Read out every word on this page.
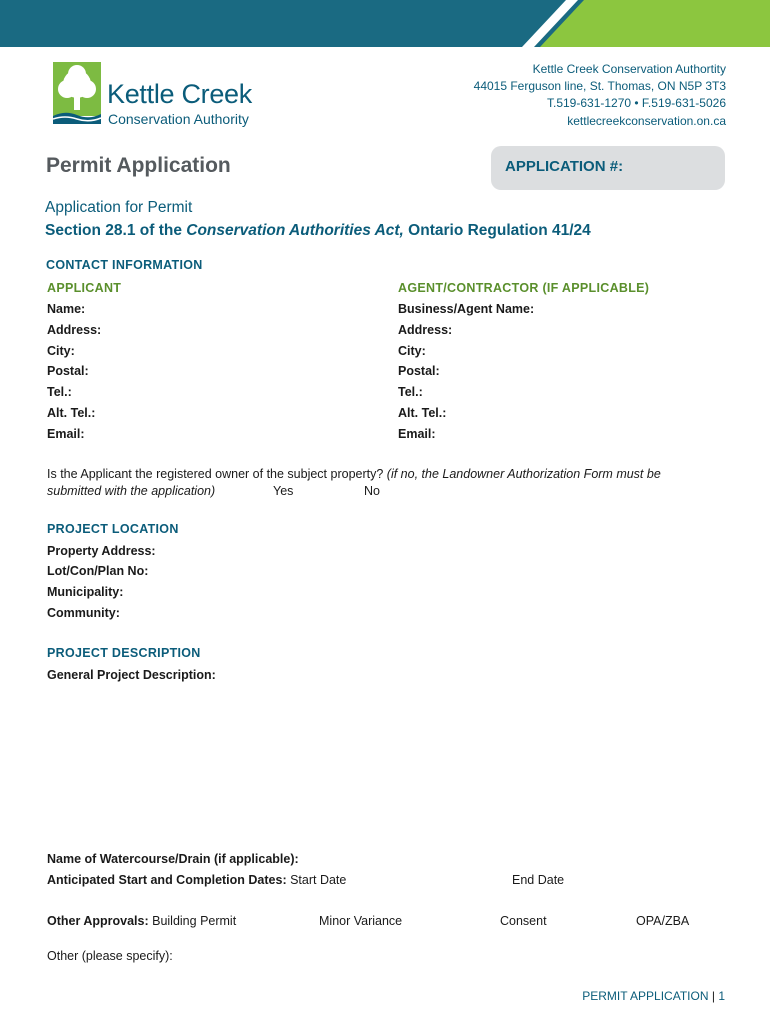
Kettle Creek
Conservation Authority
Kettle Creek Conservation Authortity
44015 Ferguson line, St. Thomas, ON N5P 3T3
T.519-631-1270 • F.519-631-5026
kettlecreekconservation.on.ca
Permit Application	APPLICATION #:
Application for Permit
Section 28.1 of the Conservation Authorities Act, Ontario Regulation 41/24
CONTACT INFORMATION
APPLICANT	AGENT/CONTRACTOR (IF APPLICABLE)
Name:
Address:
City:
Postal:
Tel.:
Alt. Tel.:
Email:
Business/Agent Name:
Address:
City:
Postal:
Tel.:
Alt. Tel.:
Email:
Is the Applicant the registered owner of the subject property? (if no, the Landowner Authorization Form must be
submitted with the application)	Yes	No
PROJECT LOCATION
Property Address:
Lot/Con/Plan No:
Municipality:
Community:
PROJECT DESCRIPTION
General Project Description:
Name of Watercourse/Drain (if applicable):
Anticipated Start and Completion Dates: Start Date	End Date
Other Approvals: Building Permit	Minor Variance	Consent	OPA/ZBA
Other (please specify):
PERMIT APPLICATION | 1
